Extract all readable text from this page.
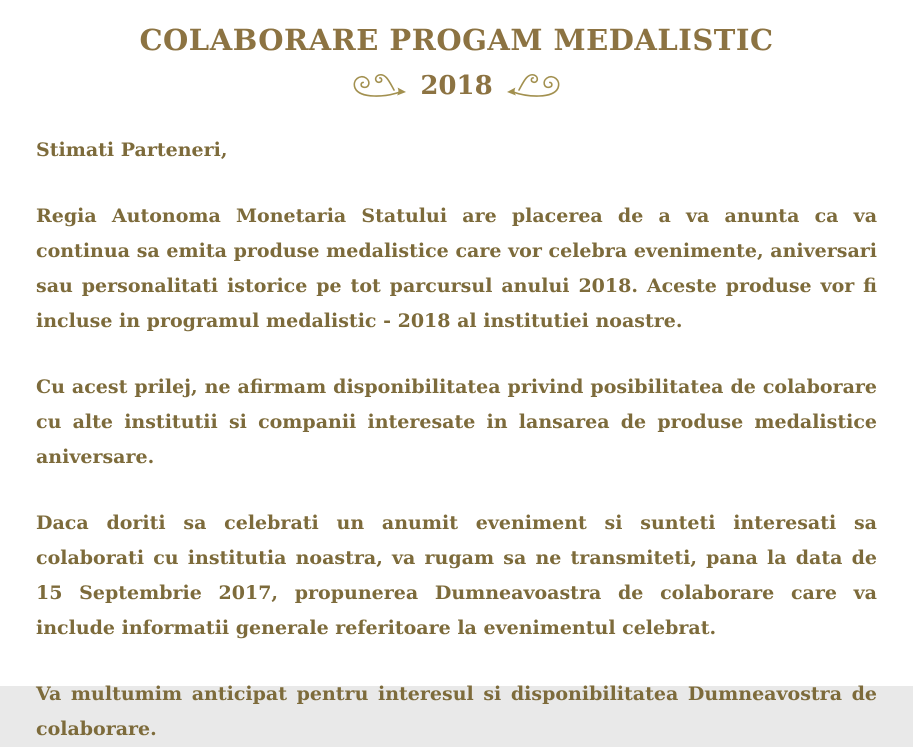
COLABORARE PROGAM MEDALISTIC
2018

Stimati Parteneri,

Regia Autonoma Monetaria Statului are placerea de a va anunta ca va continua sa emita produse medalistice care vor celebra evenimente, aniversari sau personalitati istorice pe tot parcursul anului 2018. Aceste produse vor fi incluse in programul medalistic - 2018 al institutiei noastre.

Cu acest prilej, ne afirmam disponibilitatea privind posibilitatea de colaborare cu alte institutii si companii interesate in lansarea de produse medalistice aniversare.

Daca doriti sa celebrati un anumit eveniment si sunteti interesati sa colaborati cu institutia noastra, va rugam sa ne transmiteti, pana la data de 15 Septembrie 2017, propunerea Dumneavoastra de colaborare care va include informatii generale referitoare la evenimentul celebrat.

Va multumim anticipat pentru interesul si disponibilitatea Dumneavostra de colaborare.
